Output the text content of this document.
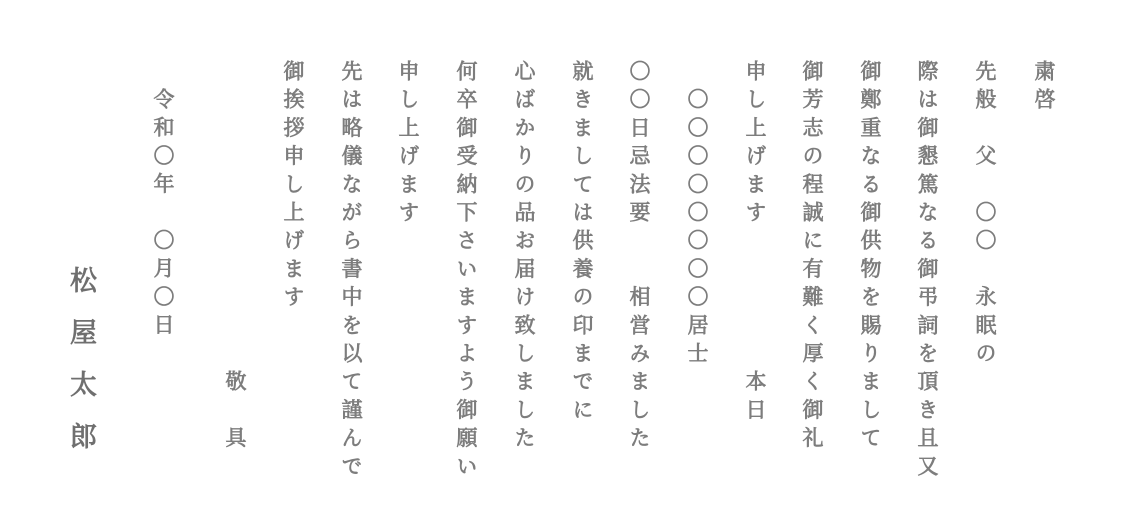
粛啓
先般　父　〇〇　永眠の
際は御懇篤なる御弔詞を頂き且又
御鄭重なる御供物を賜りまして
御芳志の程誠に有難く厚く御礼
申し上げます　　　　　本日
　〇〇〇〇〇〇〇〇居士
〇〇日忌法要　　相営みました
就きましては供養の印までに
心ばかりの品お届け致しました
何卒御受納下さいますよう御願い
申し上げます
先は略儀ながら書中を以て謹んで
御挨拶申し上げます
敬　具
令和〇年　〇月〇日
松屋太郎
